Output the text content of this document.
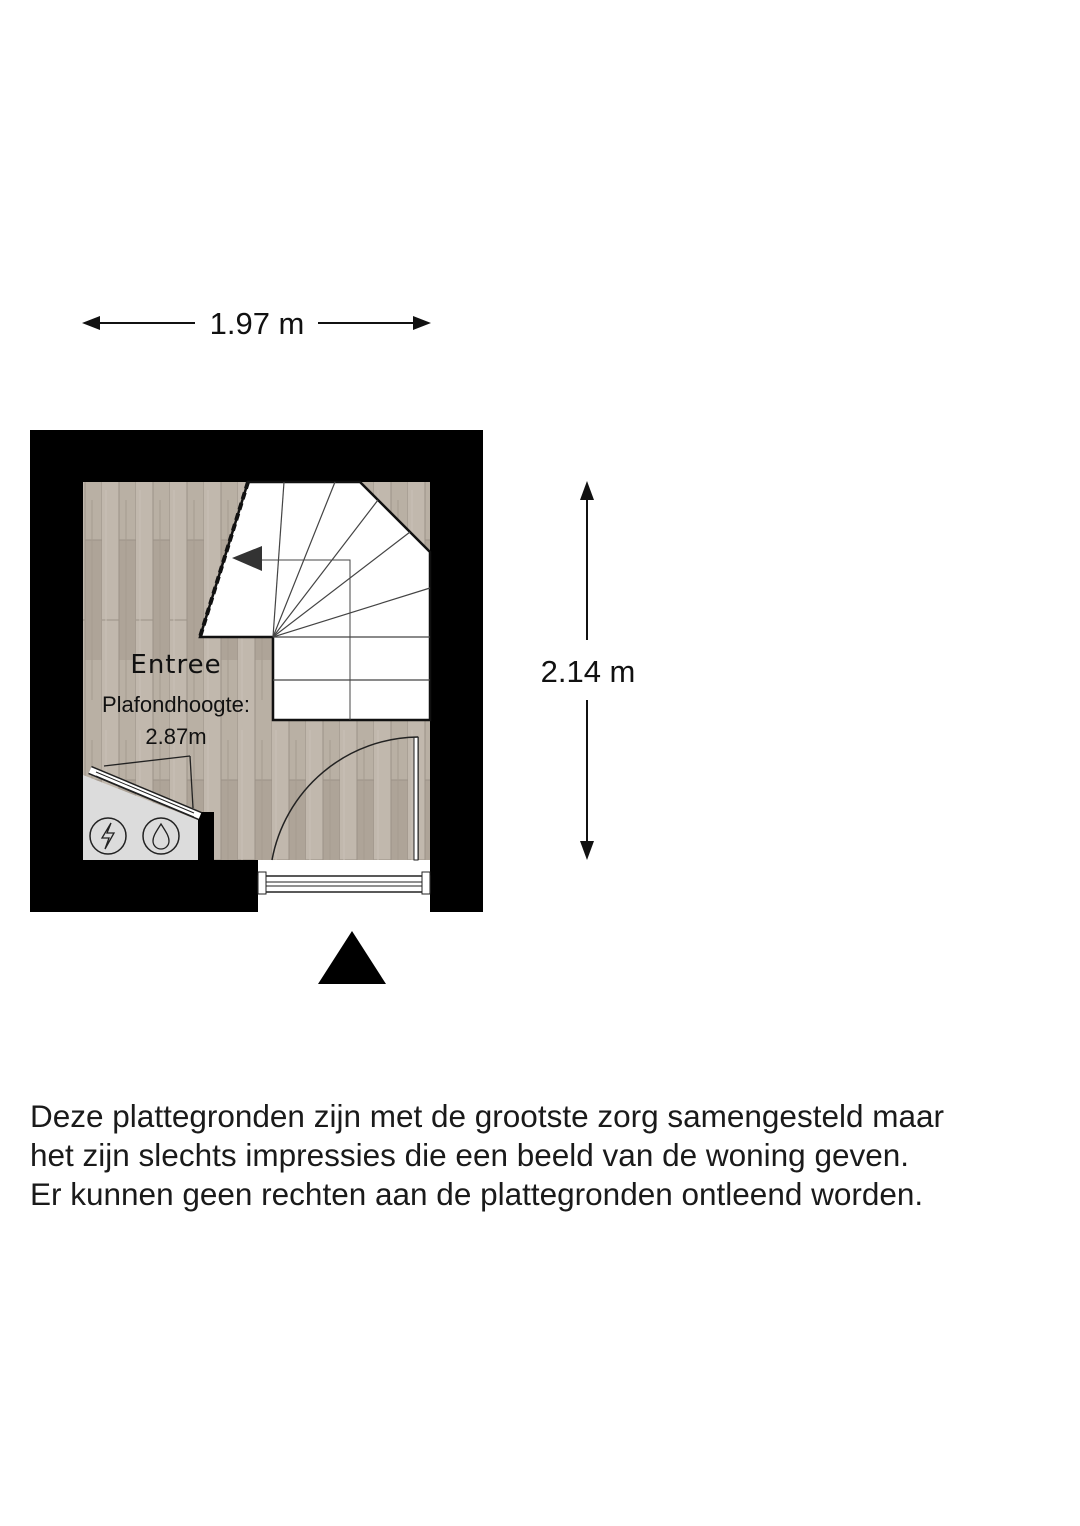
1.97 m
2.14 m
Entree
Plafondhoogte:
2.87m

Deze plattegronden zijn met de grootste zorg samengesteld maar
het zijn slechts impressies die een beeld van de woning geven.
Er kunnen geen rechten aan de plattegronden ontleend worden.
